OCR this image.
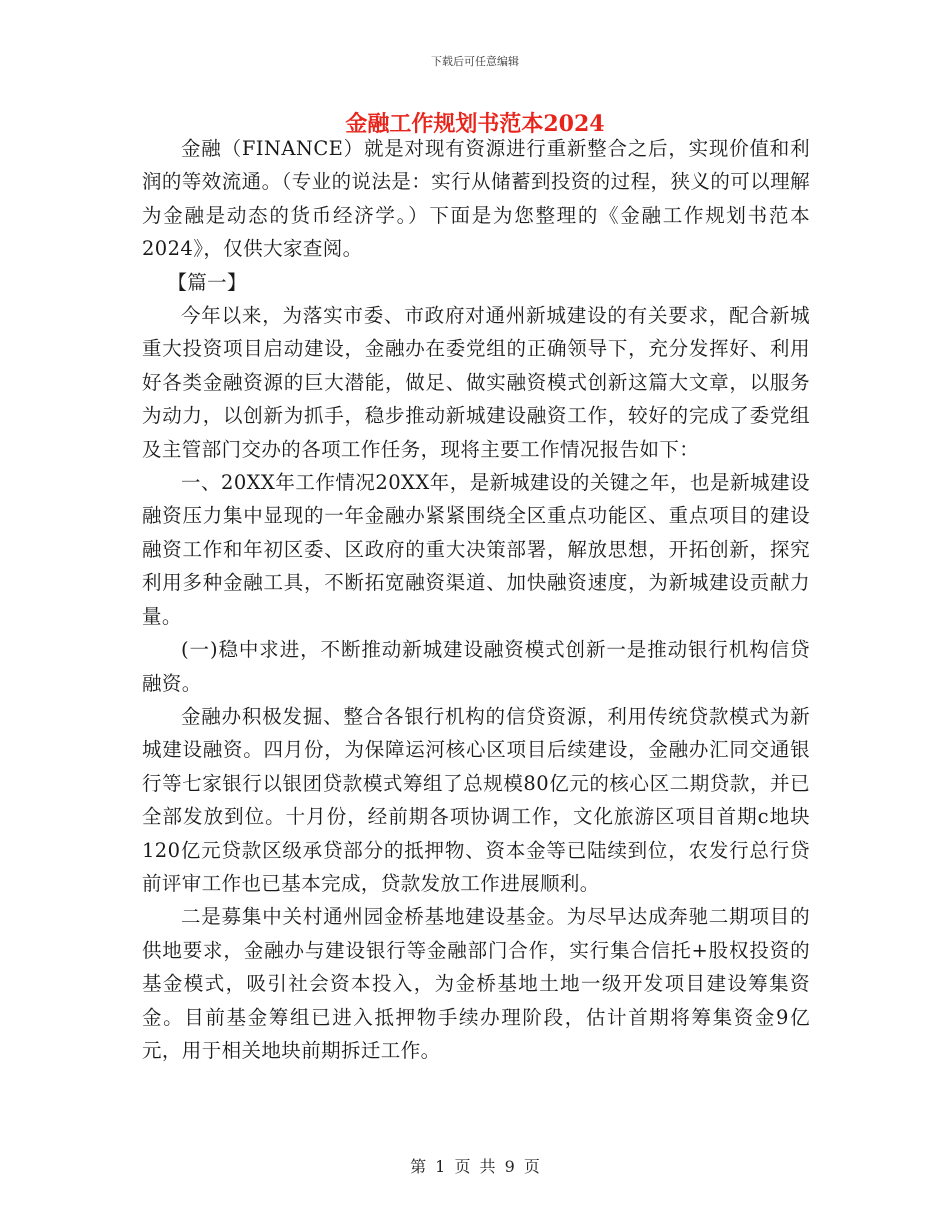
下载后可任意编辑
金融工作规划书范本2024

金融（FINANCE）就是对现有资源进行重新整合之后，实现价值和利润的等效流通。（专业的说法是：实行从储蓄到投资的过程，狭义的可以理解为金融是动态的货币经济学。）下面是为您整理的《金融工作规划书范本2024》，仅供大家查阅。

【篇一】

今年以来，为落实市委、市政府对通州新城建设的有关要求，配合新城重大投资项目启动建设，金融办在委党组的正确领导下，充分发挥好、利用好各类金融资源的巨大潜能，做足、做实融资模式创新这篇大文章，以服务为动力，以创新为抓手，稳步推动新城建设融资工作，较好的完成了委党组及主管部门交办的各项工作任务，现将主要工作情况报告如下：

一、20XX年工作情况20XX年，是新城建设的关键之年，也是新城建设融资压力集中显现的一年金融办紧紧围绕全区重点功能区、重点项目的建设融资工作和年初区委、区政府的重大决策部署，解放思想，开拓创新，探究利用多种金融工具，不断拓宽融资渠道、加快融资速度，为新城建设贡献力量。

(一)稳中求进，不断推动新城建设融资模式创新一是推动银行机构信贷融资。

金融办积极发掘、整合各银行机构的信贷资源，利用传统贷款模式为新城建设融资。四月份，为保障运河核心区项目后续建设，金融办汇同交通银行等七家银行以银团贷款模式筹组了总规模80亿元的核心区二期贷款，并已全部发放到位。十月份，经前期各项协调工作，文化旅游区项目首期c地块120亿元贷款区级承贷部分的抵押物、资本金等已陆续到位，农发行总行贷前评审工作也已基本完成，贷款发放工作进展顺利。

二是募集中关村通州园金桥基地建设基金。为尽早达成奔驰二期项目的供地要求，金融办与建设银行等金融部门合作，实行集合信托+股权投资的基金模式，吸引社会资本投入，为金桥基地土地一级开发项目建设筹集资金。目前基金筹组已进入抵押物手续办理阶段，估计首期将筹集资金9亿元，用于相关地块前期拆迁工作。

第 1 页 共 9 页
